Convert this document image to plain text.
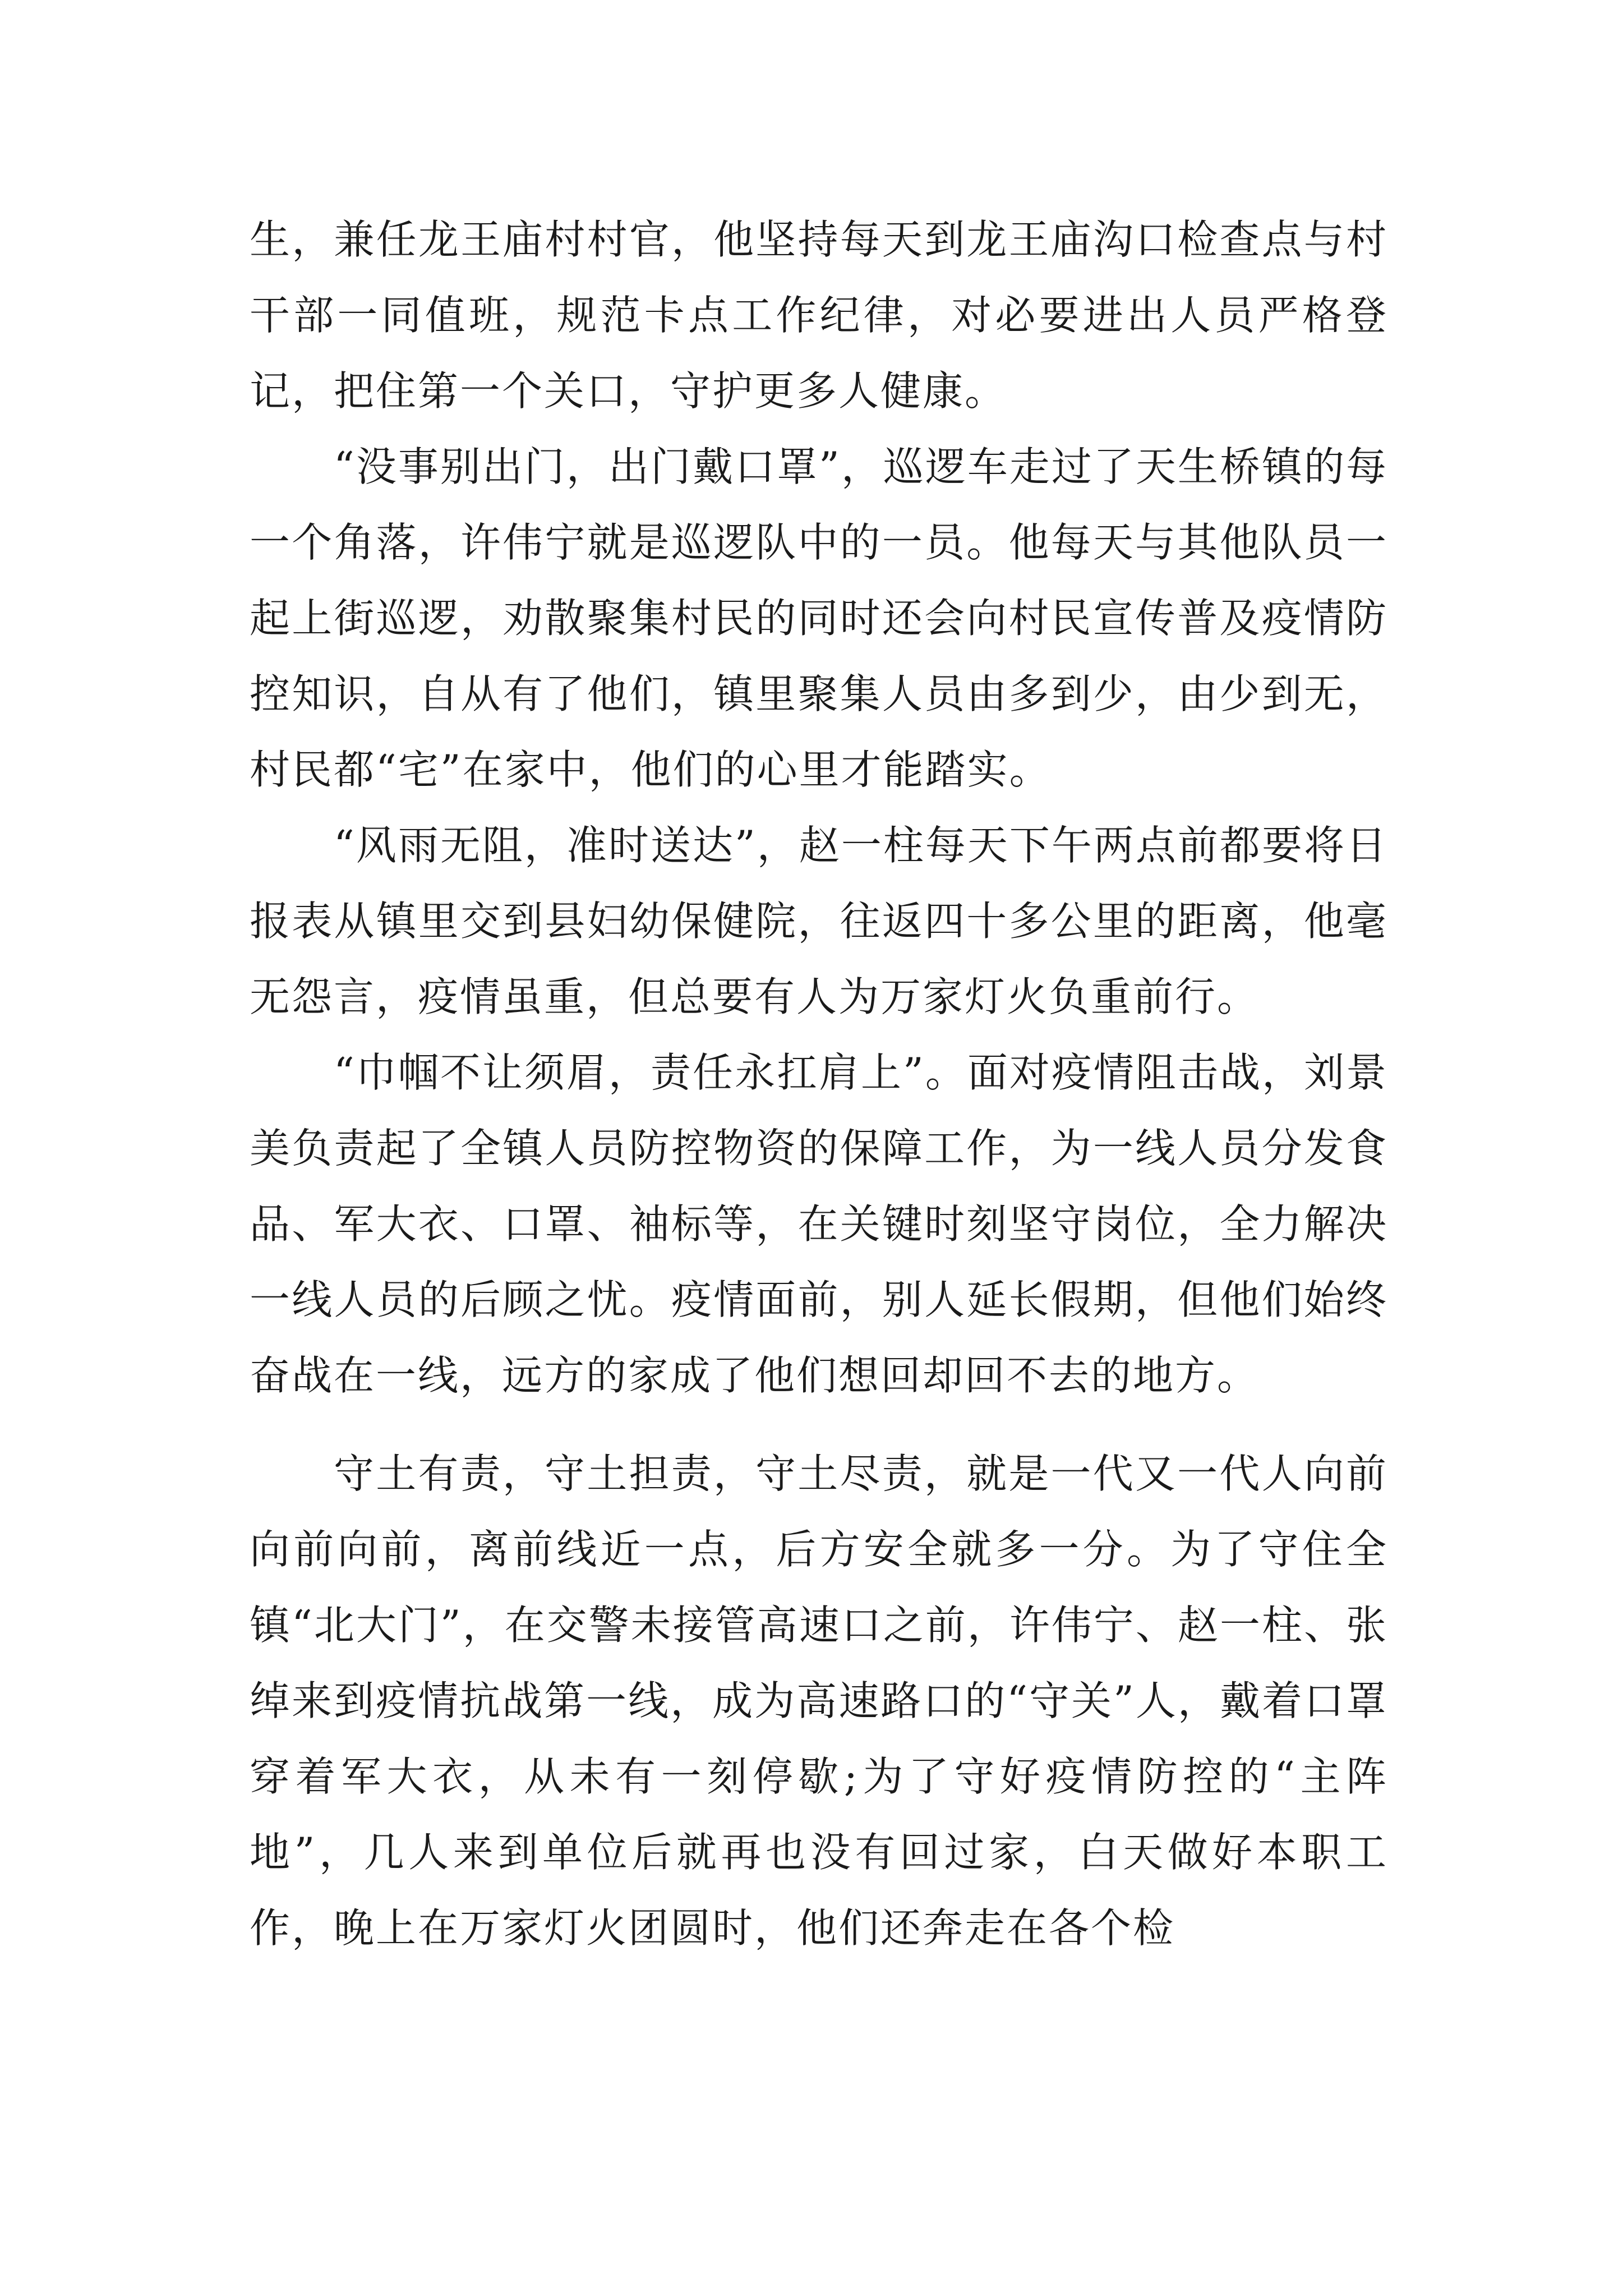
生，兼任龙王庙村村官，他坚持每天到龙王庙沟口检查点与村干部一同值班，规范卡点工作纪律，对必要进出人员严格登记，把住第一个关口，守护更多人健康。

“没事别出门，出门戴口罩”，巡逻车走过了天生桥镇的每一个角落，许伟宁就是巡逻队中的一员。他每天与其他队员一起上街巡逻，劝散聚集村民的同时还会向村民宣传普及疫情防控知识，自从有了他们，镇里聚集人员由多到少，由少到无，村民都“宅”在家中，他们的心里才能踏实。

“风雨无阻，准时送达”，赵一柱每天下午两点前都要将日报表从镇里交到县妇幼保健院，往返四十多公里的距离，他毫无怨言，疫情虽重，但总要有人为万家灯火负重前行。

“巾帼不让须眉，责任永扛肩上”。面对疫情阻击战，刘景美负责起了全镇人员防控物资的保障工作，为一线人员分发食品、军大衣、口罩、袖标等，在关键时刻坚守岗位，全力解决一线人员的后顾之忧。疫情面前，别人延长假期，但他们始终奋战在一线，远方的家成了他们想回却回不去的地方。

守土有责，守土担责，守土尽责，就是一代又一代人向前向前向前，离前线近一点，后方安全就多一分。为了守住全镇“北大门”，在交警未接管高速口之前，许伟宁、赵一柱、张绰来到疫情抗战第一线，成为高速路口的“守关”人，戴着口罩穿着军大衣，从未有一刻停歇;为了守好疫情防控的“主阵地”，几人来到单位后就再也没有回过家，白天做好本职工作，晚上在万家灯火团圆时，他们还奔走在各个检
